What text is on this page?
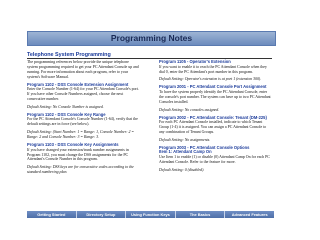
Programming Notes
Telephone System Programming

The programming references below provide the unique telephone system programming required to get your PC Attendant Console up and running. For more information about each program, refer to your system's Software Manual.

Program 1102 - DSS Console Extension Assignment

Enter the Console Number (1-64) for your PC Attendant Console's port. If you have other Console Numbers assigned, choose the next consecutive number.

Default Setting: No Console Number is assigned.

Program 1102 - DSS Console Key Range

For the PC Attendant Console's Console Number (1-64), verify that the default settings are in force (see below).

Default Setting: (Start Number: 1 = Range: 1, Console Number: 2 = Range: 2 and Console Number: 3 = Range: 3.

Program 1103 - DSS Console Key Assignments

If you have changed your extension/trunk number assignments in Program 1102, you must change the DSS assignments for the PC Attendant's Console Number in this program.

Default Setting: DSS keys are for consecutive codes according to the standard numbering plan.

Program 1105 - Operator's Extension

If you want to enable it to reach the PC Attendant Console when they dial 0, enter the PC Attendant's port number in this program.

Default Setting: Operator's extension is at port 1 (extension 300).

Program 2001 - PC Attendant Console Port Assignment

To have the system properly identify the PC Attendant Console, enter the console's port number. The system can have up to two PC Attendant Consoles installed.

Default Setting: No consoles assigned.

Program 2002 - PC Attendant Console: Tenant (DM-225)

For each PC Attendant Console installed, indicate to which Tenant Group (1-4) it is assigned. You can assign a PC Attendant Console to any combination of Tenant Groups.

Default Setting: No assignments.

Program 2003 - PC Attendant Console Options
Item 1: Attendant Camp On

Use Item 1 to enable (1) or disable (0) Attendant Camp On for each PC Attendant Console. Refer to the feature for more.

Default Setting: 0 (disabled).

Getting Started	Directory Setup	Using Function Keys	The Basics	Advanced Features
